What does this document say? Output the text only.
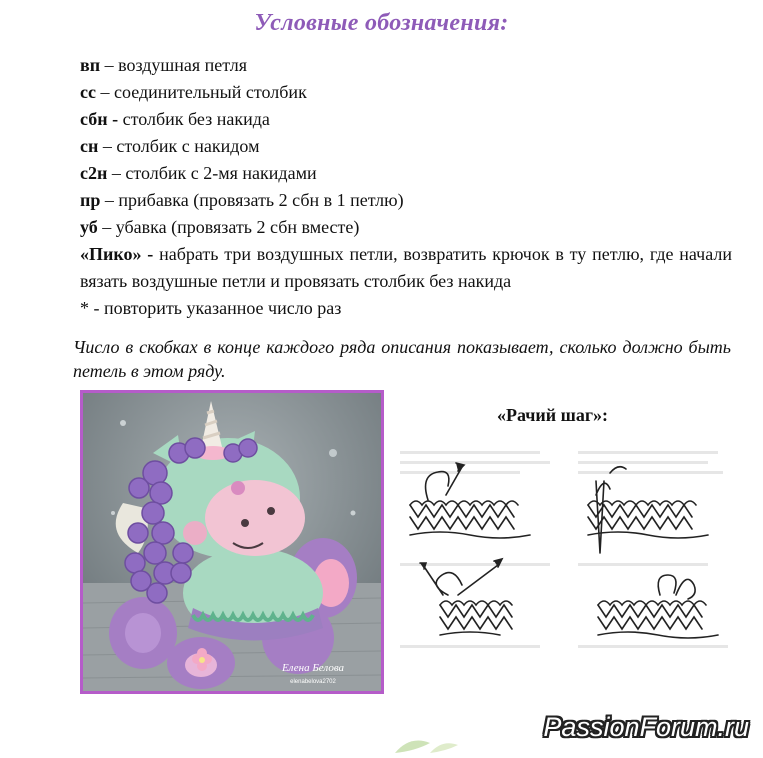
Условные обозначения:
вп – воздушная петля
сс – соединительный столбик
сбн - столбик без накида
сн – столбик с накидом
с2н – столбик с 2-мя накидами
пр – прибавка (провязать 2 сбн в 1 петлю)
уб – убавка (провязать 2 сбн вместе)
«Пико» - набрать три воздушных петли, возвратить крючок в ту петлю, где начали вязать воздушные петли и провязать столбик без накида
* - повторить указанное число раз
Число в скобках в конце каждого ряда описания показывает, сколько должно быть петель в этом ряду.
Елена Белова
elenabelova2702
«Рачий шаг»:
PassionForum.ru
